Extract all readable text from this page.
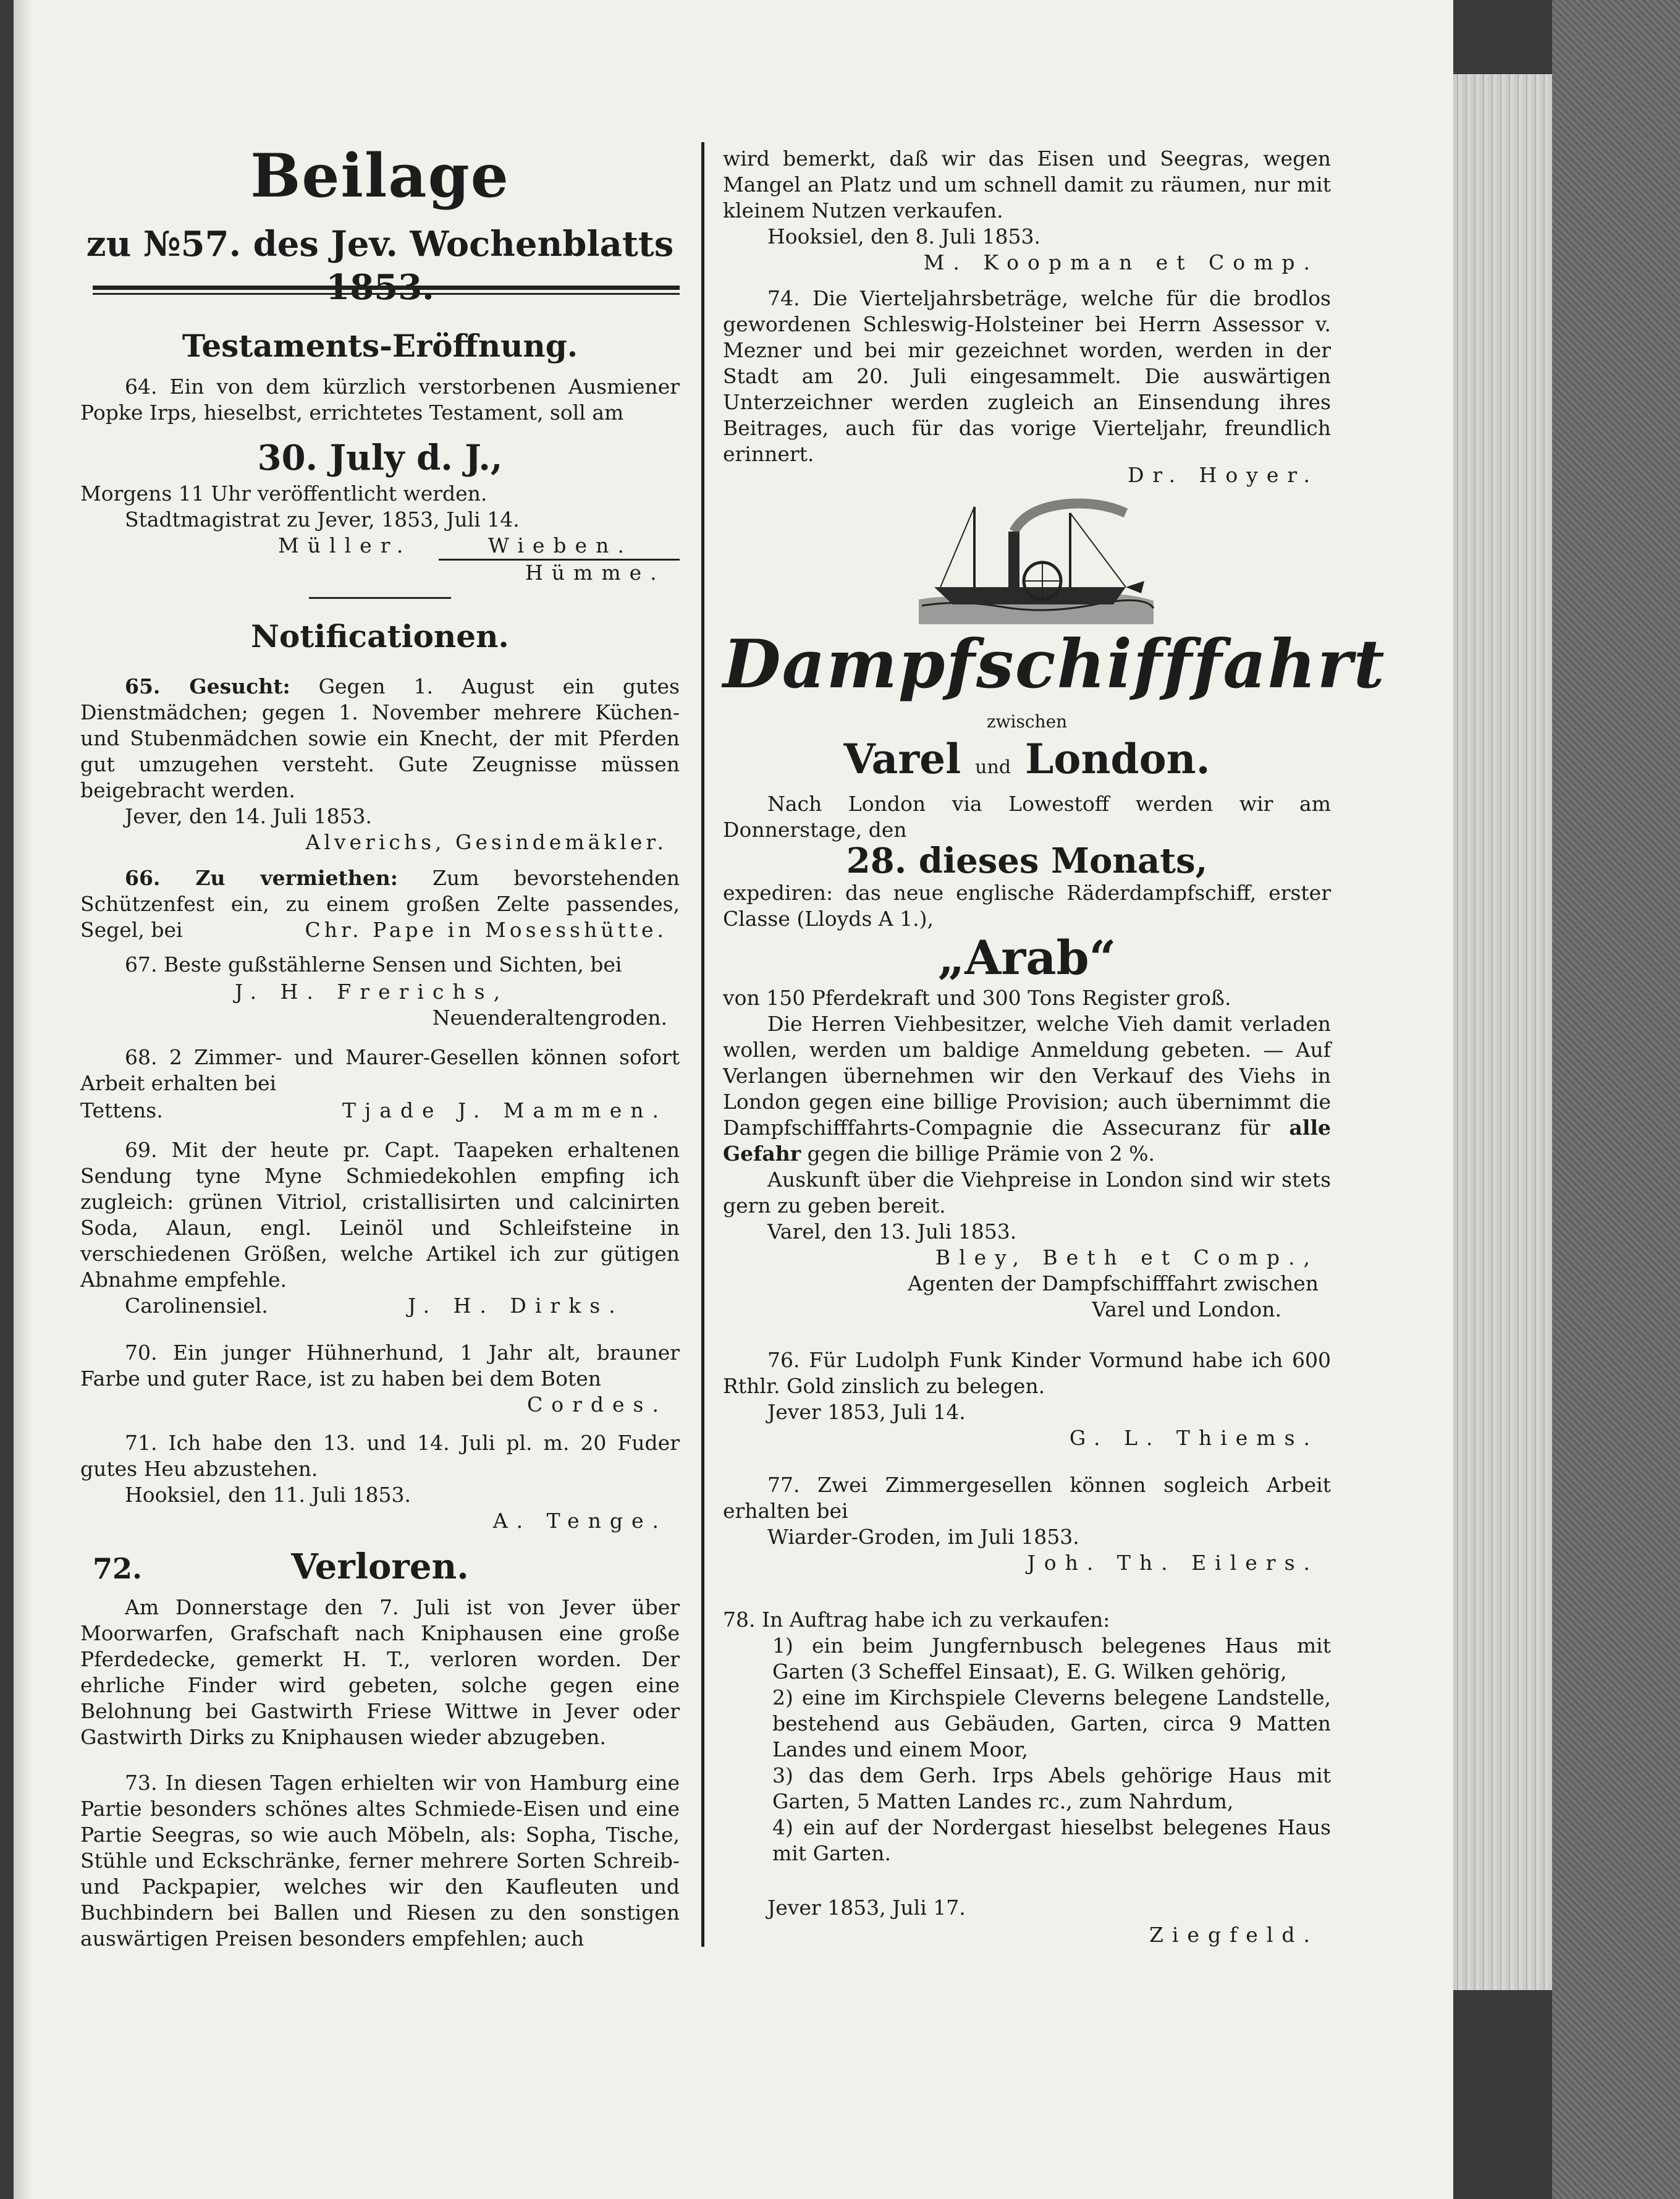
Beilage
zu №57. des Jev. Wochenblatts
Testaments-Eröffnung.

64. Ein von dem kürzlich verstorbenen Ausmiener Popke Irps, hieselbst, errichtetes Testament, soll am

30. July d. J.,

Morgens 11 Uhr veröffentlicht werden.

Stadtmagistrat zu Jever, 1853, Juli 14.

Müller.	Wieben.
Hümme.
Notificationen.

65. Gesucht: Gegen 1. August ein gutes Dienstmädchen; gegen 1. November mehrere Küchen- und Stubenmädchen sowie ein Knecht, der mit Pferden gut umzugehen versteht. Gute Zeugnisse müssen beigebracht werden.

Jever, den 14. Juli 1853.

Alverichs, Gesindemäkler.

66. Zu vermiethen: Zum bevorstehenden Schützenfest ein, zu einem großen Zelte passendes, Segel, bei	Chr. Pape in Mosesshütte.

67. Beste gußstählerne Sensen und Sichten, bei

J. H. Frerichs,

Neuenderaltengroden.

68. 2 Zimmer- und Maurer-Gesellen können sofort Arbeit erhalten bei

Tettens.	Tjade J. Mammen.

69. Mit der heute pr. Capt. Taapeken erhaltenen Sendung tyne Myne Schmiedekohlen empfing ich zugleich: grünen Vitriol, cristallisirten und calcinirten Soda, Alaun, engl. Leinöl und Schleifsteine in verschiedenen Größen, welche Artikel ich zur gütigen Abnahme empfehle.

Carolinensiel.	J. H. Dirks.

70. Ein junger Hühnerhund, 1 Jahr alt, brauner Farbe und guter Race, ist zu haben bei dem Boten

Cordes.

71. Ich habe den 13. und 14. Juli pl. m. 20 Fuder gutes Heu abzustehen.

Hooksiel, den 11. Juli 1853.

A. Tenge.

72.	Verloren.

Am Donnerstage den 7. Juli ist von Jever über Moorwarfen, Grafschaft nach Kniphausen eine große Pferdedecke, gemerkt H. T., verloren worden. Der ehrliche Finder wird gebeten, solche gegen eine Belohnung bei Gastwirth Friese Wittwe in Jever oder Gastwirth Dirks zu Kniphausen wieder abzugeben.

73. In diesen Tagen erhielten wir von Hamburg eine Partie besonders schönes altes Schmiede-Eisen und eine Partie Seegras, so wie auch Möbeln, als: Sopha, Tische, Stühle und Eckschränke, ferner mehrere Sorten Schreib- und Packpapier, welches wir den Kaufleuten und Buchbindern bei Ballen und Riesen zu den sonstigen auswärtigen Preisen besonders empfehlen; auch

wird bemerkt, daß wir das Eisen und Seegras, wegen Mangel an Platz und um schnell damit zu räumen, nur mit kleinem Nutzen verkaufen.

Hooksiel, den 8. Juli 1853.

M. Koopman et Comp.

74. Die Vierteljahrsbeträge, welche für die brodlos gewordenen Schleswig-Holsteiner bei Herrn Assessor v. Mezner und bei mir gezeichnet worden, werden in der Stadt am 20. Juli eingesammelt. Die auswärtigen Unterzeichner werden zugleich an Einsendung ihres Beitrages, auch für das vorige Vierteljahr, freundlich erinnert.

Dr. Hoyer.

Dampfschifffahrt
zwischen
Varel und London.

Nach London via Lowestoff werden wir am Donnerstage, den

28. dieses Monats,

expediren: das neue englische Räderdampfschiff, erster Classe (Lloyds A 1.),

„Arab“

von 150 Pferdekraft und 300 Tons Register groß.

Die Herren Viehbesitzer, welche Vieh damit verladen wollen, werden um baldige Anmeldung gebeten. — Auf Verlangen übernehmen wir den Verkauf des Viehs in London gegen eine billige Provision; auch übernimmt die Dampfschifffahrts-Compagnie die Assecuranz für alle Gefahr gegen die billige Prämie von 2 %.

Auskunft über die Viehpreise in London sind wir stets gern zu geben bereit.

Varel, den 13. Juli 1853.

Bley, Beth et Comp.,

Agenten der Dampfschifffahrt zwischen

Varel und London.

76. Für Ludolph Funk Kinder Vormund habe ich 600 Rthlr. Gold zinslich zu belegen.

Jever 1853, Juli 14.

G. L. Thiems.

77. Zwei Zimmergesellen können sogleich Arbeit erhalten bei

Wiarder-Groden, im Juli 1853.

Joh. Th. Eilers.

78. In Auftrag habe ich zu verkaufen:

1) ein beim Jungfernbusch belegenes Haus mit Garten (3 Scheffel Einsaat), E. G. Wilken gehörig,

2) eine im Kirchspiele Cleverns belegene Landstelle, bestehend aus Gebäuden, Garten, circa 9 Matten Landes und einem Moor,

3) das dem Gerh. Irps Abels gehörige Haus mit Garten, 5 Matten Landes rc., zum Nahrdum,

4) ein auf der Nordergast hieselbst belegenes Haus mit Garten.

Jever 1853, Juli 17.

Ziegfeld.
